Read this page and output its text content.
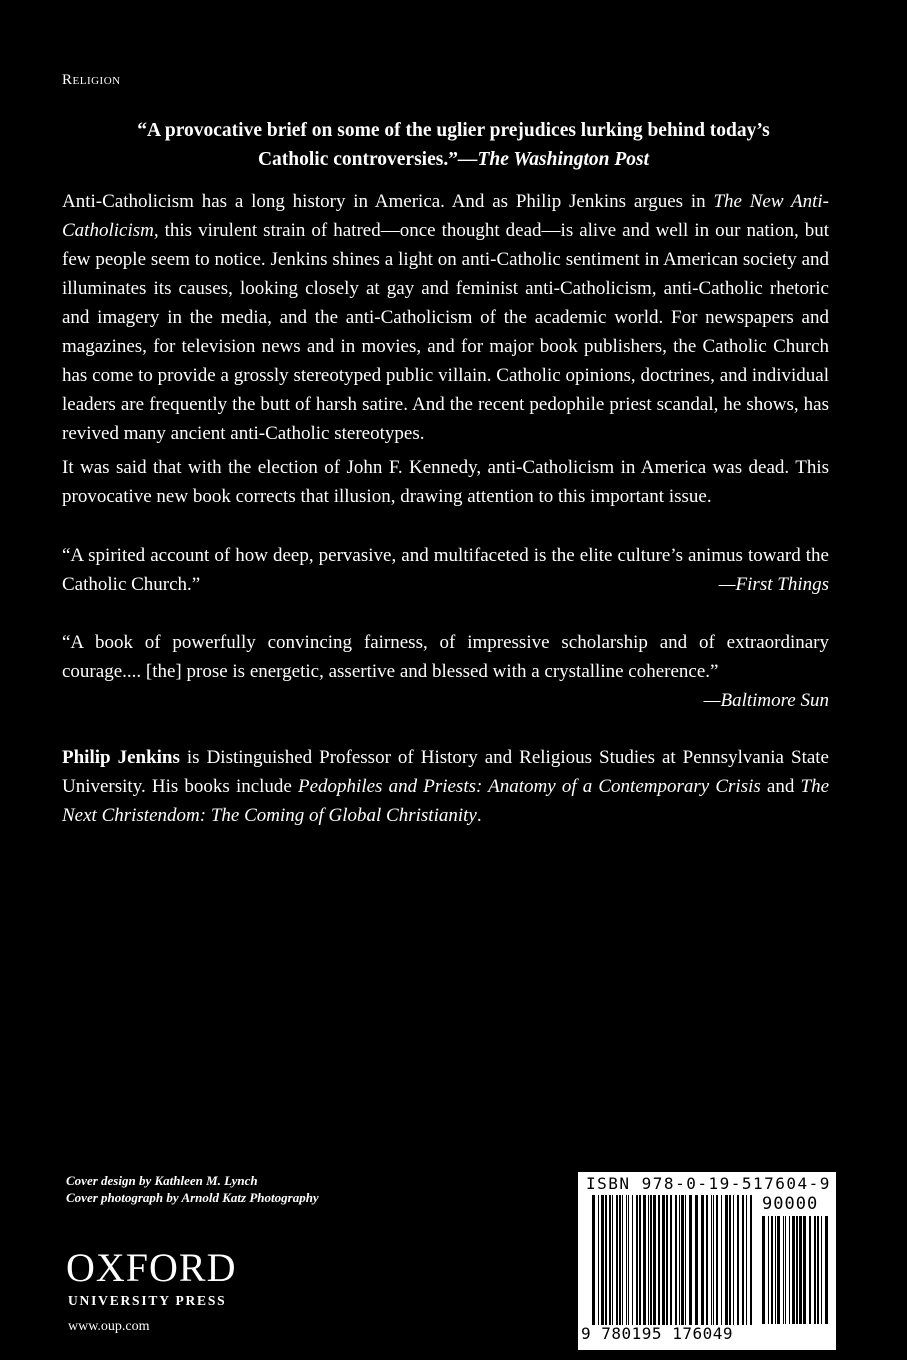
Religion
“A provocative brief on some of the uglier prejudices lurking behind today’s Catholic controversies.”—The Washington Post

Anti-Catholicism has a long history in America. And as Philip Jenkins argues in The New Anti-Catholicism, this virulent strain of hatred—once thought dead—is alive and well in our nation, but few people seem to notice. Jenkins shines a light on anti-Catholic sentiment in American society and illuminates its causes, looking closely at gay and feminist anti-Catholicism, anti-Catholic rhetoric and imagery in the media, and the anti-Catholicism of the academic world. For newspapers and magazines, for television news and in movies, and for major book publishers, the Catholic Church has come to provide a grossly stereotyped public villain. Catholic opinions, doctrines, and individual leaders are frequently the butt of harsh satire. And the recent pedophile priest scandal, he shows, has revived many ancient anti-Catholic stereotypes.

It was said that with the election of John F. Kennedy, anti-Catholicism in America was dead. This provocative new book corrects that illusion, drawing attention to this important issue.

“A spirited account of how deep, pervasive, and multifaceted is the elite culture’s animus toward the Catholic Church.”	—First Things
“A book of powerfully convincing fairness, of impressive scholarship and of extraordinary courage.... [the] prose is energetic, assertive and blessed with a crystalline coherence.”
—Baltimore Sun

Philip Jenkins is Distinguished Professor of History and Religious Studies at Pennsylvania State University. His books include Pedophiles and Priests: Anatomy of a Contemporary Crisis and The Next Christendom: The Coming of Global Christianity.

Cover design by Kathleen M. Lynch
Cover photograph by Arnold Katz Photography
OXFORD
UNIVERSITY PRESS
www.oup.com
ISBN 978-0-19-517604-9
90000
9 780195 176049
